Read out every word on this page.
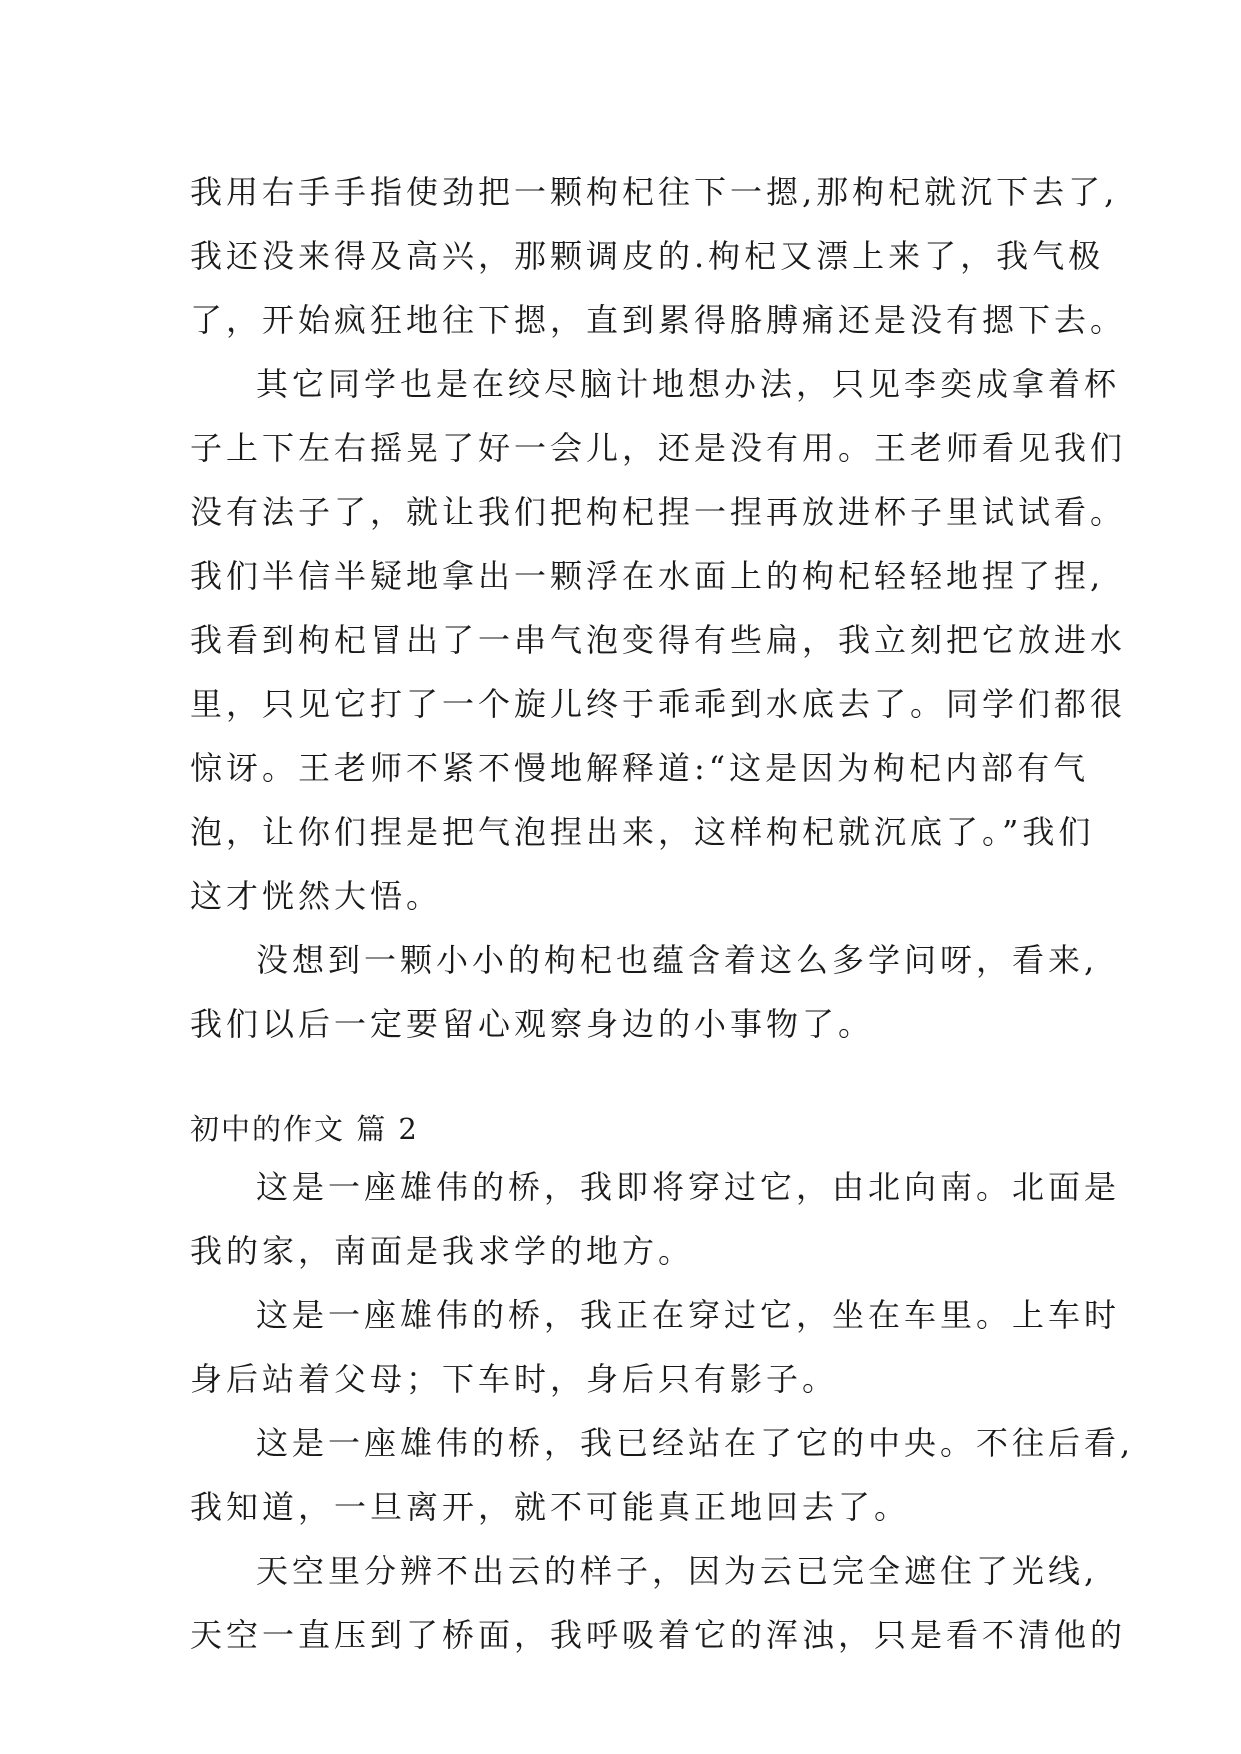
我用右手手指使劲把一颗枸杞往下一摁,那枸杞就沉下去了,
我还没来得及高兴，那颗调皮的.枸杞又漂上来了，我气极
了，开始疯狂地往下摁，直到累得胳膊痛还是没有摁下去。
其它同学也是在绞尽脑计地想办法，只见李奕成拿着杯
子上下左右摇晃了好一会儿，还是没有用。王老师看见我们
没有法子了，就让我们把枸杞捏一捏再放进杯子里试试看。
我们半信半疑地拿出一颗浮在水面上的枸杞轻轻地捏了捏,
我看到枸杞冒出了一串气泡变得有些扁，我立刻把它放进水
里，只见它打了一个旋儿终于乖乖到水底去了。同学们都很
惊讶。王老师不紧不慢地解释道:“这是因为枸杞内部有气
泡，让你们捏是把气泡捏出来，这样枸杞就沉底了。”我们
这才恍然大悟。
没想到一颗小小的枸杞也蕴含着这么多学问呀，看来,
我们以后一定要留心观察身边的小事物了。
初中的作文 篇 2
这是一座雄伟的桥，我即将穿过它，由北向南。北面是
我的家，南面是我求学的地方。
这是一座雄伟的桥，我正在穿过它，坐在车里。上车时
身后站着父母；下车时，身后只有影子。
这是一座雄伟的桥，我已经站在了它的中央。不往后看,
我知道，一旦离开，就不可能真正地回去了。
天空里分辨不出云的样子，因为云已完全遮住了光线,
天空一直压到了桥面，我呼吸着它的浑浊，只是看不清他的
